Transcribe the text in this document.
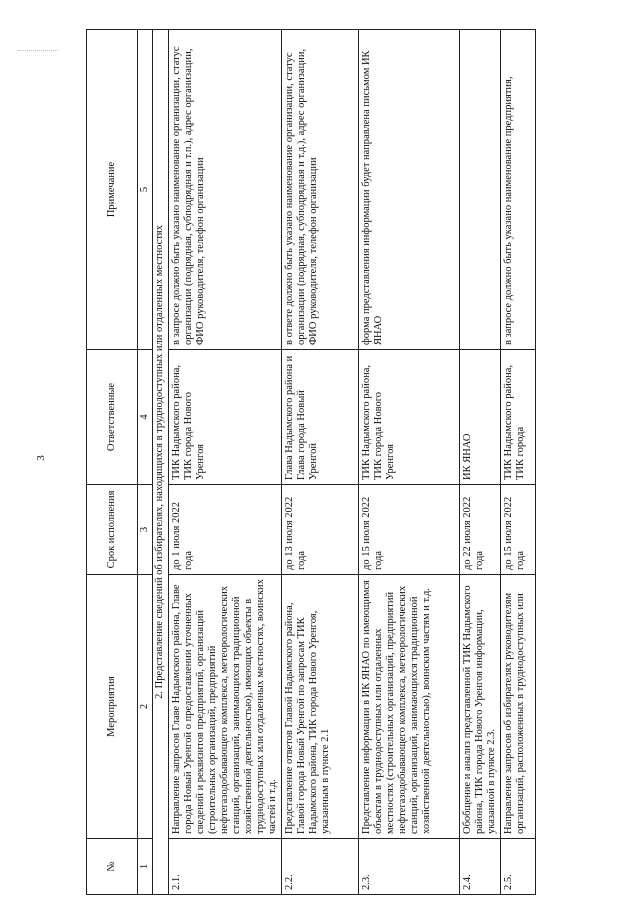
3
№	Мероприятия	Срок исполнения	Ответственные	Примечание
1	2	3	4	5
2. Представление сведений об избирателях, находящихся в труднодоступных или отдаленных местностях				
2.1.	Направление запросов Главе Надымского района, Главе города Новый Уренгой о предоставлении уточненных сведений и реквизитов предприятий, организаций (строительных организаций, предприятий нефтегазодобывающего комплекса, метеорологических станций, организаций, занимающихся традиционной хозяйственной деятельностью), имеющих объекты в труднодоступных или отдаленных местностях, воинских частей и т.д.	до 1 июля 2022 года	ТИК Надымского района, ТИК города Нового Уренгоя	в запросе должно быть указано наименование организации, статус организации (подрядная, субподрядная и т.п.), адрес организации, ФИО руководителя, телефон организации
2.2.	Представление ответов Главой Надымского района, Главой города Новый Уренгой по запросам ТИК Надымского района, ТИК города Нового Уренгоя, указанным в пункте 2.1	до 13 июля 2022 года	Глава Надымского района и Глава города Новый Уренгой	в ответе должно быть указано наименование организации, статус организации (подрядная, субподрядная и т.д.), адрес организации, ФИО руководителя, телефон организации
2.3.	Представление информации в ИК ЯНАО по имеющимся объектам в труднодоступных или отдаленных местностях (строительных организаций, предприятий нефтегазодобывающего комплекса, метеорологических станций, организаций, занимающихся традиционной хозяйственной деятельностью), воинским частям и т.д.	до 15 июля 2022 года	ТИК Надымского района, ТИК города Нового Уренгоя	форма представления информации будет направлена письмом ИК ЯНАО
2.4.	Обобщение и анализ представленной ТИК Надымского района, ТИК города Нового Уренгоя информации, указанной в пункте 2.3.	до 22 июля 2022 года	ИК ЯНАО	
2.5.	Направление запросов об избирателях руководителям организаций, расположенных в труднодоступных или	до 15 июля 2022 года	ТИК Надымского района, ТИК города	в запросе должно быть указано наименование предприятия,
